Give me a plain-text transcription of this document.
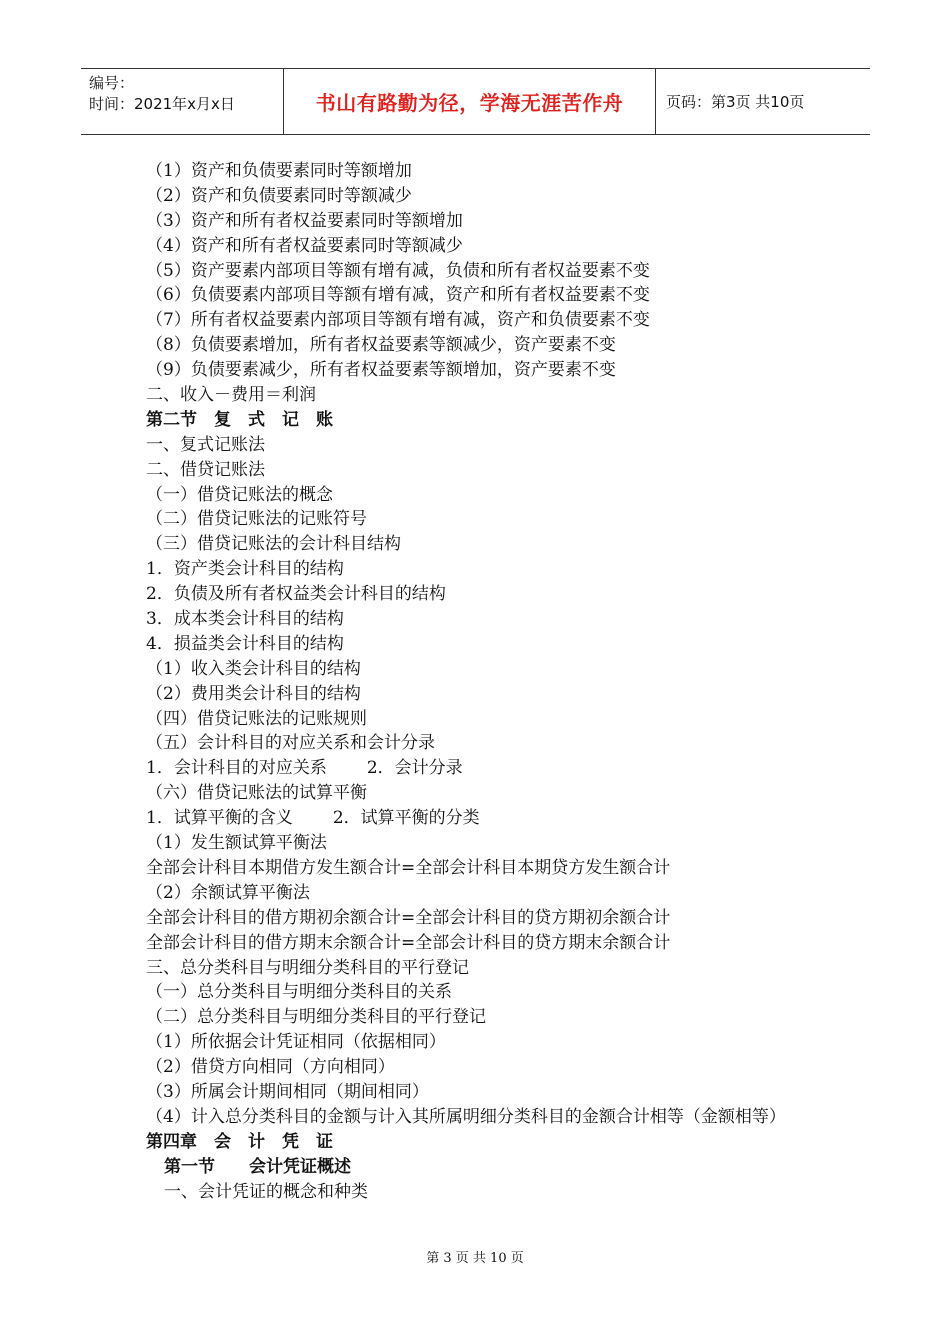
编号：
时间：2021年x月x日	书山有路勤为径，学海无涯苦作舟	页码：第3页 共10页
（1）资产和负债要素同时等额增加
（2）资产和负债要素同时等额减少
（3）资产和所有者权益要素同时等额增加
（4）资产和所有者权益要素同时等额减少
（5）资产要素内部项目等额有增有减，负债和所有者权益要素不变
（6）负债要素内部项目等额有增有减，资产和所有者权益要素不变
（7）所有者权益要素内部项目等额有增有减，资产和负债要素不变
（8）负债要素增加，所有者权益要素等额减少，资产要素不变
（9）负债要素减少，所有者权益要素等额增加，资产要素不变
二、收入－费用＝利润
第二节　复　式　记　账
一、复式记账法
二、借贷记账法
（一）借贷记账法的概念
（二）借贷记账法的记账符号
（三）借贷记账法的会计科目结构
1．资产类会计科目的结构
2．负债及所有者权益类会计科目的结构
3．成本类会计科目的结构
4．损益类会计科目的结构
（1）收入类会计科目的结构
（2）费用类会计科目的结构
（四）借贷记账法的记账规则
（五）会计科目的对应关系和会计分录
1．会计科目的对应关系 2．会计分录
（六）借贷记账法的试算平衡
1．试算平衡的含义 2．试算平衡的分类
（1）发生额试算平衡法
全部会计科目本期借方发生额合计=全部会计科目本期贷方发生额合计
（2）余额试算平衡法
全部会计科目的借方期初余额合计=全部会计科目的贷方期初余额合计
全部会计科目的借方期末余额合计=全部会计科目的贷方期末余额合计
三、总分类科目与明细分类科目的平行登记
（一）总分类科目与明细分类科目的关系
（二）总分类科目与明细分类科目的平行登记
（1）所依据会计凭证相同（依据相同）
（2）借贷方向相同（方向相同）
（3）所属会计期间相同（期间相同）
（4）计入总分类科目的金额与计入其所属明细分类科目的金额合计相等（金额相等）
第四章　会　计　凭　证
第一节　　会计凭证概述
一、会计凭证的概念和种类
第 3 页 共 10 页
